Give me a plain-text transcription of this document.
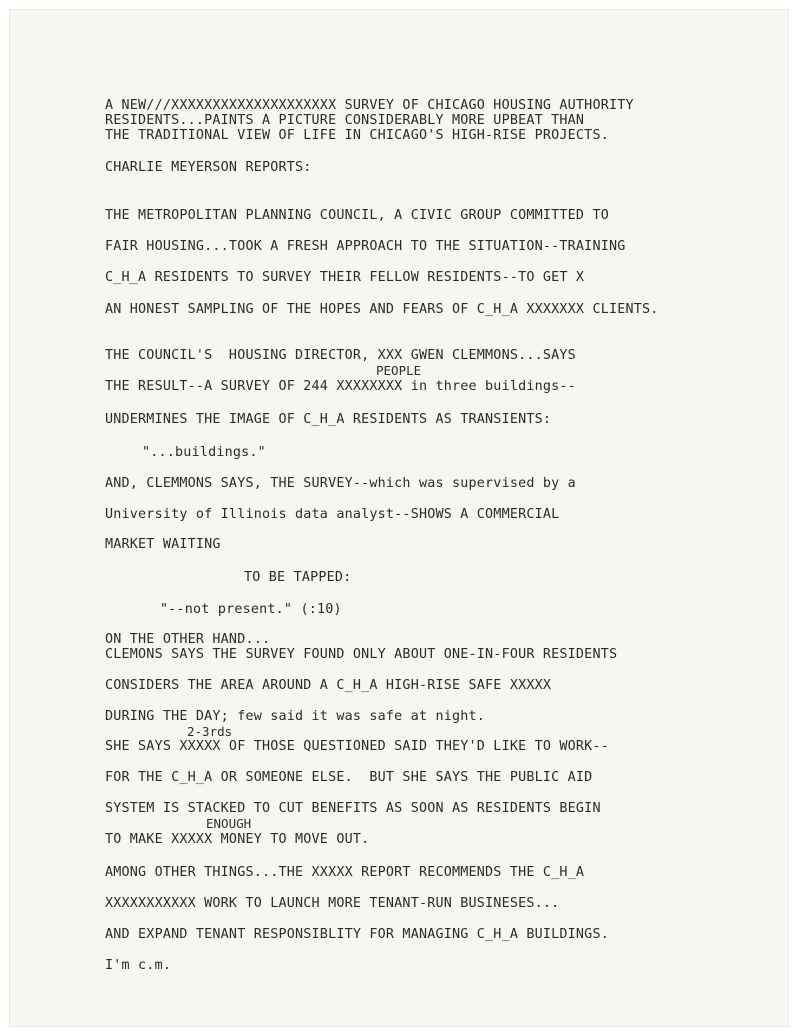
A NEW///XXXXXXXXXXXXXXXXXXXX SURVEY OF CHICAGO HOUSING AUTHORITY
RESIDENTS...PAINTS A PICTURE CONSIDERABLY MORE UPBEAT THAN
THE TRADITIONAL VIEW OF LIFE IN CHICAGO'S HIGH-RISE PROJECTS.
CHARLIE MEYERSON REPORTS:
THE METROPOLITAN PLANNING COUNCIL, A CIVIC GROUP COMMITTED TO
FAIR HOUSING...TOOK A FRESH APPROACH TO THE SITUATION--TRAINING
C_H_A RESIDENTS TO SURVEY THEIR FELLOW RESIDENTS--TO GET X
AN HONEST SAMPLING OF THE HOPES AND FEARS OF C_H_A XXXXXXX CLIENTS.
THE COUNCIL'S  HOUSING DIRECTOR, XXX GWEN CLEMMONS...SAYS
PEOPLE
THE RESULT--A SURVEY OF 244 XXXXXXXX in three buildings--
UNDERMINES THE IMAGE OF C_H_A RESIDENTS AS TRANSIENTS:
"...buildings."
AND, CLEMMONS SAYS, THE SURVEY--which was supervised by a
University of Illinois data analyst--SHOWS A COMMERCIAL
MARKET WAITING
TO BE TAPPED:
"--not present." (:10)
ON THE OTHER HAND...
CLEMONS SAYS THE SURVEY FOUND ONLY ABOUT ONE-IN-FOUR RESIDENTS
CONSIDERS THE AREA AROUND A C_H_A HIGH-RISE SAFE XXXXX
DURING THE DAY; few said it was safe at night.
2-3rds
SHE SAYS XXXXX OF THOSE QUESTIONED SAID THEY'D LIKE TO WORK--
FOR THE C_H_A OR SOMEONE ELSE.  BUT SHE SAYS THE PUBLIC AID
SYSTEM IS STACKED TO CUT BENEFITS AS SOON AS RESIDENTS BEGIN
ENOUGH
TO MAKE XXXXX MONEY TO MOVE OUT.
AMONG OTHER THINGS...THE XXXXX REPORT RECOMMENDS THE C_H_A
XXXXXXXXXXX WORK TO LAUNCH MORE TENANT-RUN BUSINESES...
AND EXPAND TENANT RESPONSIBLITY FOR MANAGING C_H_A BUILDINGS.
I'm c.m.
